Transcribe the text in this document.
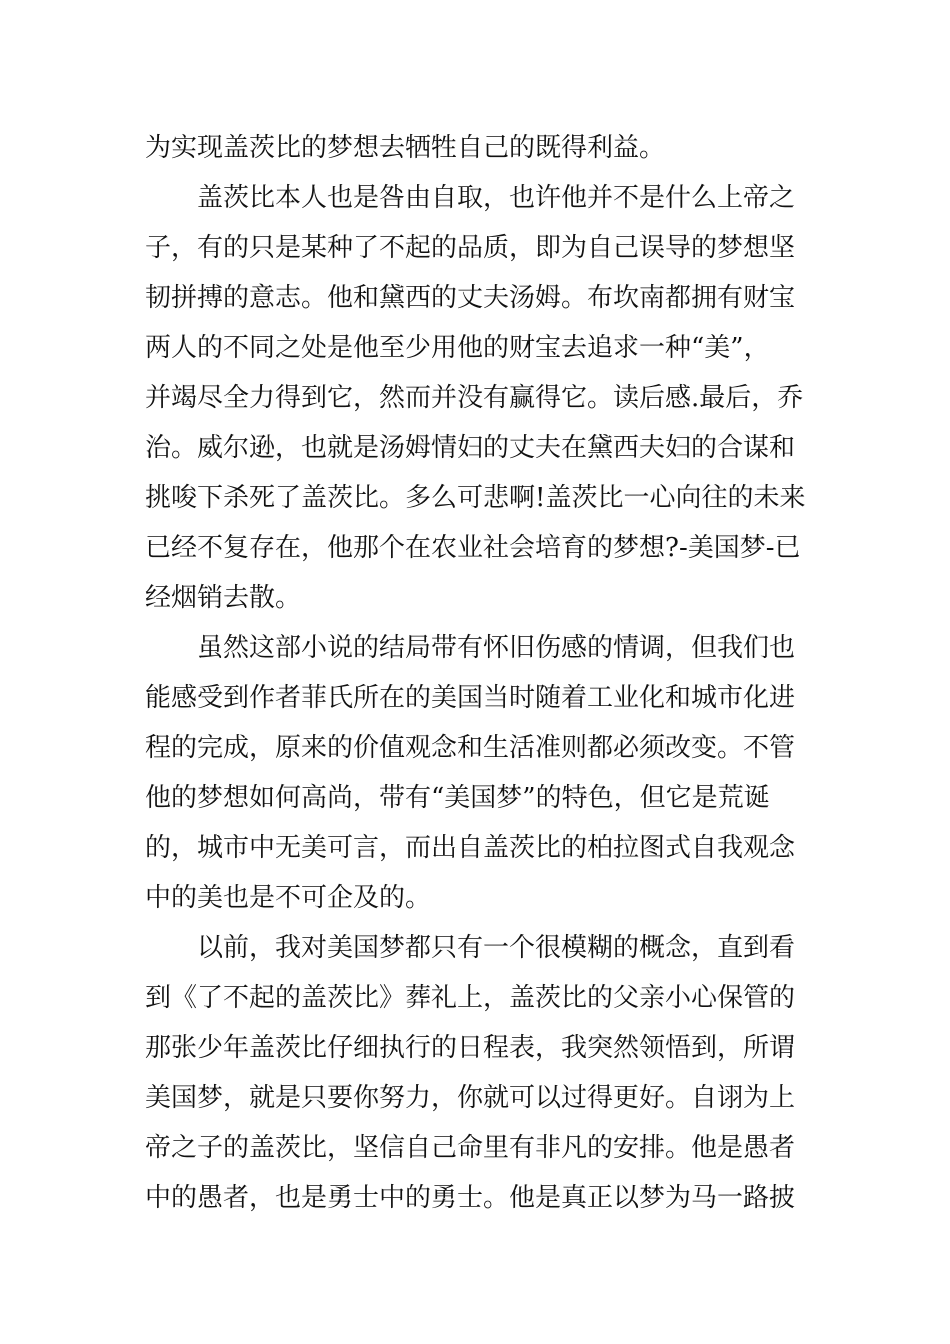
为实现盖茨比的梦想去牺牲自己的既得利益。
盖茨比本人也是咎由自取，也许他并不是什么上帝之
子，有的只是某种了不起的品质，即为自己误导的梦想坚
韧拼搏的意志。他和黛西的丈夫汤姆。布坎南都拥有财宝
两人的不同之处是他至少用他的财宝去追求一种“美”，
并竭尽全力得到它，然而并没有赢得它。读后感.最后，乔
治。威尔逊，也就是汤姆情妇的丈夫在黛西夫妇的合谋和
挑唆下杀死了盖茨比。多么可悲啊!盖茨比一心向往的未来
已经不复存在，他那个在农业社会培育的梦想?-美国梦-已
经烟销去散。
虽然这部小说的结局带有怀旧伤感的情调，但我们也
能感受到作者菲氏所在的美国当时随着工业化和城市化进
程的完成，原来的价值观念和生活准则都必须改变。不管
他的梦想如何高尚，带有“美国梦”的特色，但它是荒诞
的，城市中无美可言，而出自盖茨比的柏拉图式自我观念
中的美也是不可企及的。
以前，我对美国梦都只有一个很模糊的概念，直到看
到《了不起的盖茨比》葬礼上，盖茨比的父亲小心保管的
那张少年盖茨比仔细执行的日程表，我突然领悟到，所谓
美国梦，就是只要你努力，你就可以过得更好。自诩为上
帝之子的盖茨比，坚信自己命里有非凡的安排。他是愚者
中的愚者，也是勇士中的勇士。他是真正以梦为马一路披
